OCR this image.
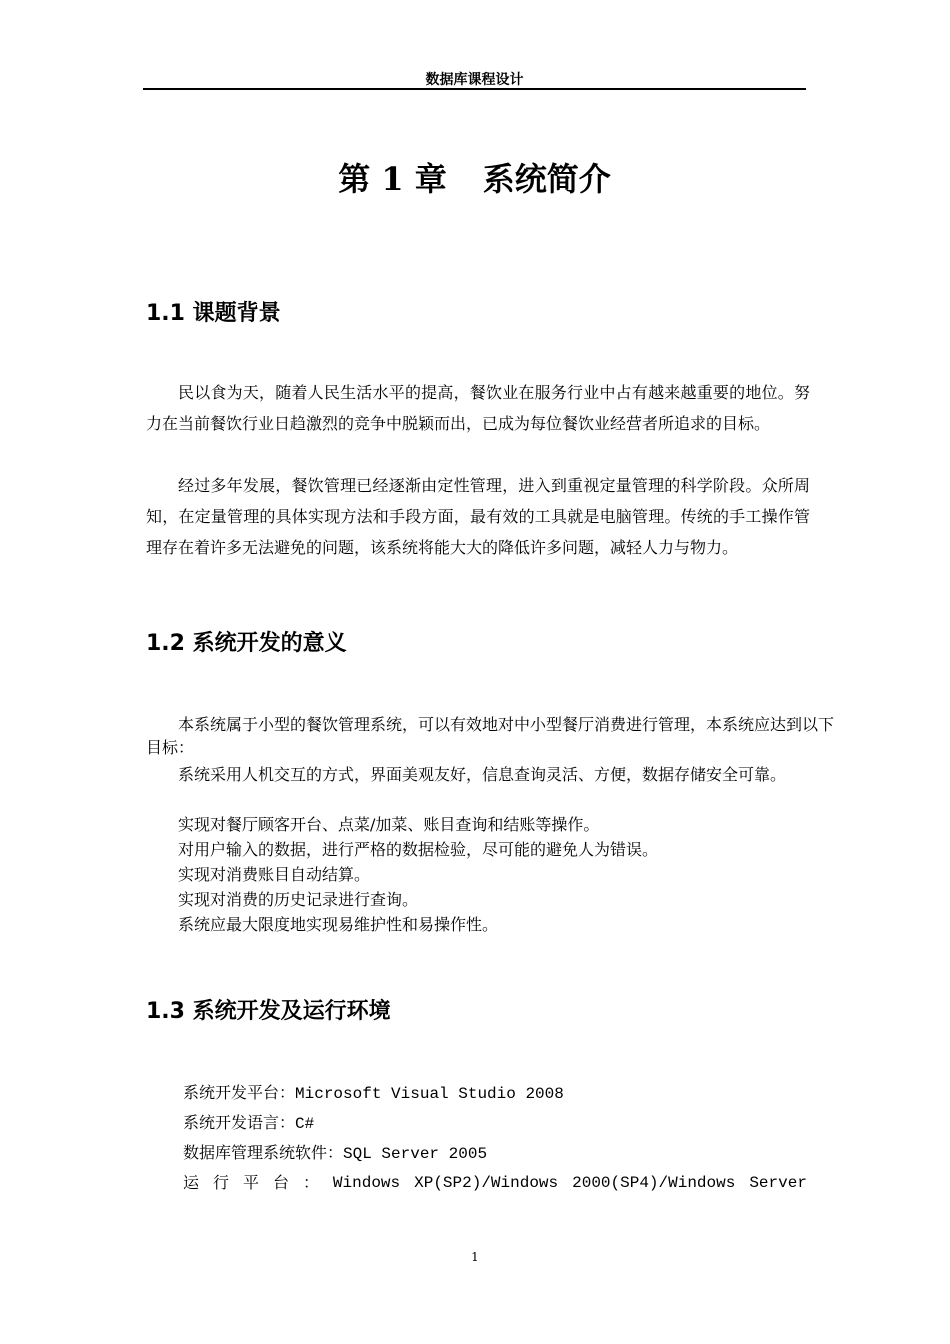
数据库课程设计
第 1 章 系统简介
1.1 课题背景

民以食为天，随着人民生活水平的提高，餐饮业在服务行业中占有越来越重要的地位。努力在当前餐饮行业日趋激烈的竞争中脱颖而出，已成为每位餐饮业经营者所追求的目标。

经过多年发展，餐饮管理已经逐渐由定性管理，进入到重视定量管理的科学阶段。众所周知，在定量管理的具体实现方法和手段方面，最有效的工具就是电脑管理。传统的手工操作管理存在着许多无法避免的问题，该系统将能大大的降低许多问题，减轻人力与物力。

1.2 系统开发的意义

本系统属于小型的餐饮管理系统，可以有效地对中小型餐厅消费进行管理，本系统应达到以下目标：

系统采用人机交互的方式，界面美观友好，信息查询灵活、方便，数据存储安全可靠。
实现对餐厅顾客开台、点菜/加菜、账目查询和结账等操作。
对用户输入的数据，进行严格的数据检验，尽可能的避免人为错误。
实现对消费账目自动结算。
实现对消费的历史记录进行查询。
系统应最大限度地实现易维护性和易操作性。
1.3 系统开发及运行环境
系统开发平台：Microsoft Visual Studio 2008
系统开发语言：C#
数据库管理系统软件：SQL Server 2005
运 行 平 台 ： Windows XP(SP2)/Windows 2000(SP4)/Windows Server
1
